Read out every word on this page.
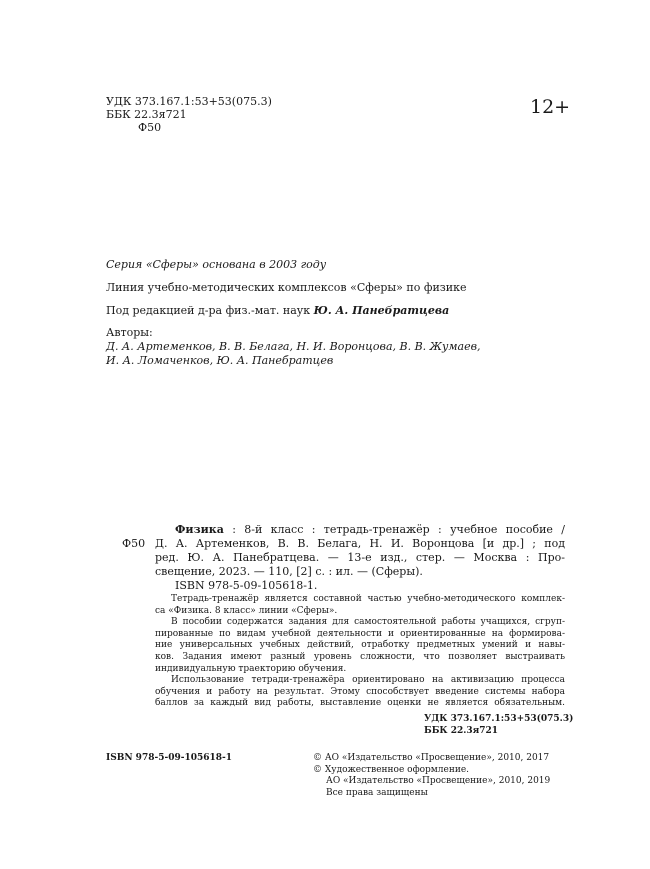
УДК 373.167.1:53+53(075.3)
ББК 22.3я721
Ф50
12+
Серия «Сферы» основана в 2003 году
Линия учебно-методических комплексов «Сферы» по физике
Под редакцией д-ра физ.-мат. наук Ю. А. Панебратцева
Авторы:
Д. А. Артеменков, В. В. Белага, Н. И. Воронцова, В. В. Жумаев,
И. А. Ломаченков, Ю. А. Панебратцев
Ф50
Физика : 8-й класс : тетрадь-тренажёр : учебное пособие /
Д. А. Артеменков, В. В. Белага, Н. И. Воронцова [и др.] ; под
ред. Ю. А. Панебратцева. — 13-е изд., стер. — Москва : Про-
свещение, 2023. — 110, [2] с. : ил. — (Сферы).
ISBN 978-5-09-105618-1.
Тетрадь-тренажёр является составной частью учебно-методического комплек-
са «Физика. 8 класс» линии «Сферы».
В пособии содержатся задания для самостоятельной работы учащихся, сгруп-
пированные по видам учебной деятельности и ориентированные на формирова-
ние универсальных учебных действий, отработку предметных умений и навы-
ков. Задания имеют разный уровень сложности, что позволяет выстраивать
индивидуальную траекторию обучения.
Использование тетради-тренажёра ориентировано на активизацию процесса
обучения и работу на результат. Этому способствует введение системы набора
баллов за каждый вид работы, выставление оценки не является обязательным.
УДК 373.167.1:53+53(075.3)
ББК 22.3я721
ISBN 978-5-09-105618-1	© АО «Издательство «Просвещение», 2010, 2017
© Художественное оформление.
АО «Издательство «Просвещение», 2010, 2019
Все права защищены
